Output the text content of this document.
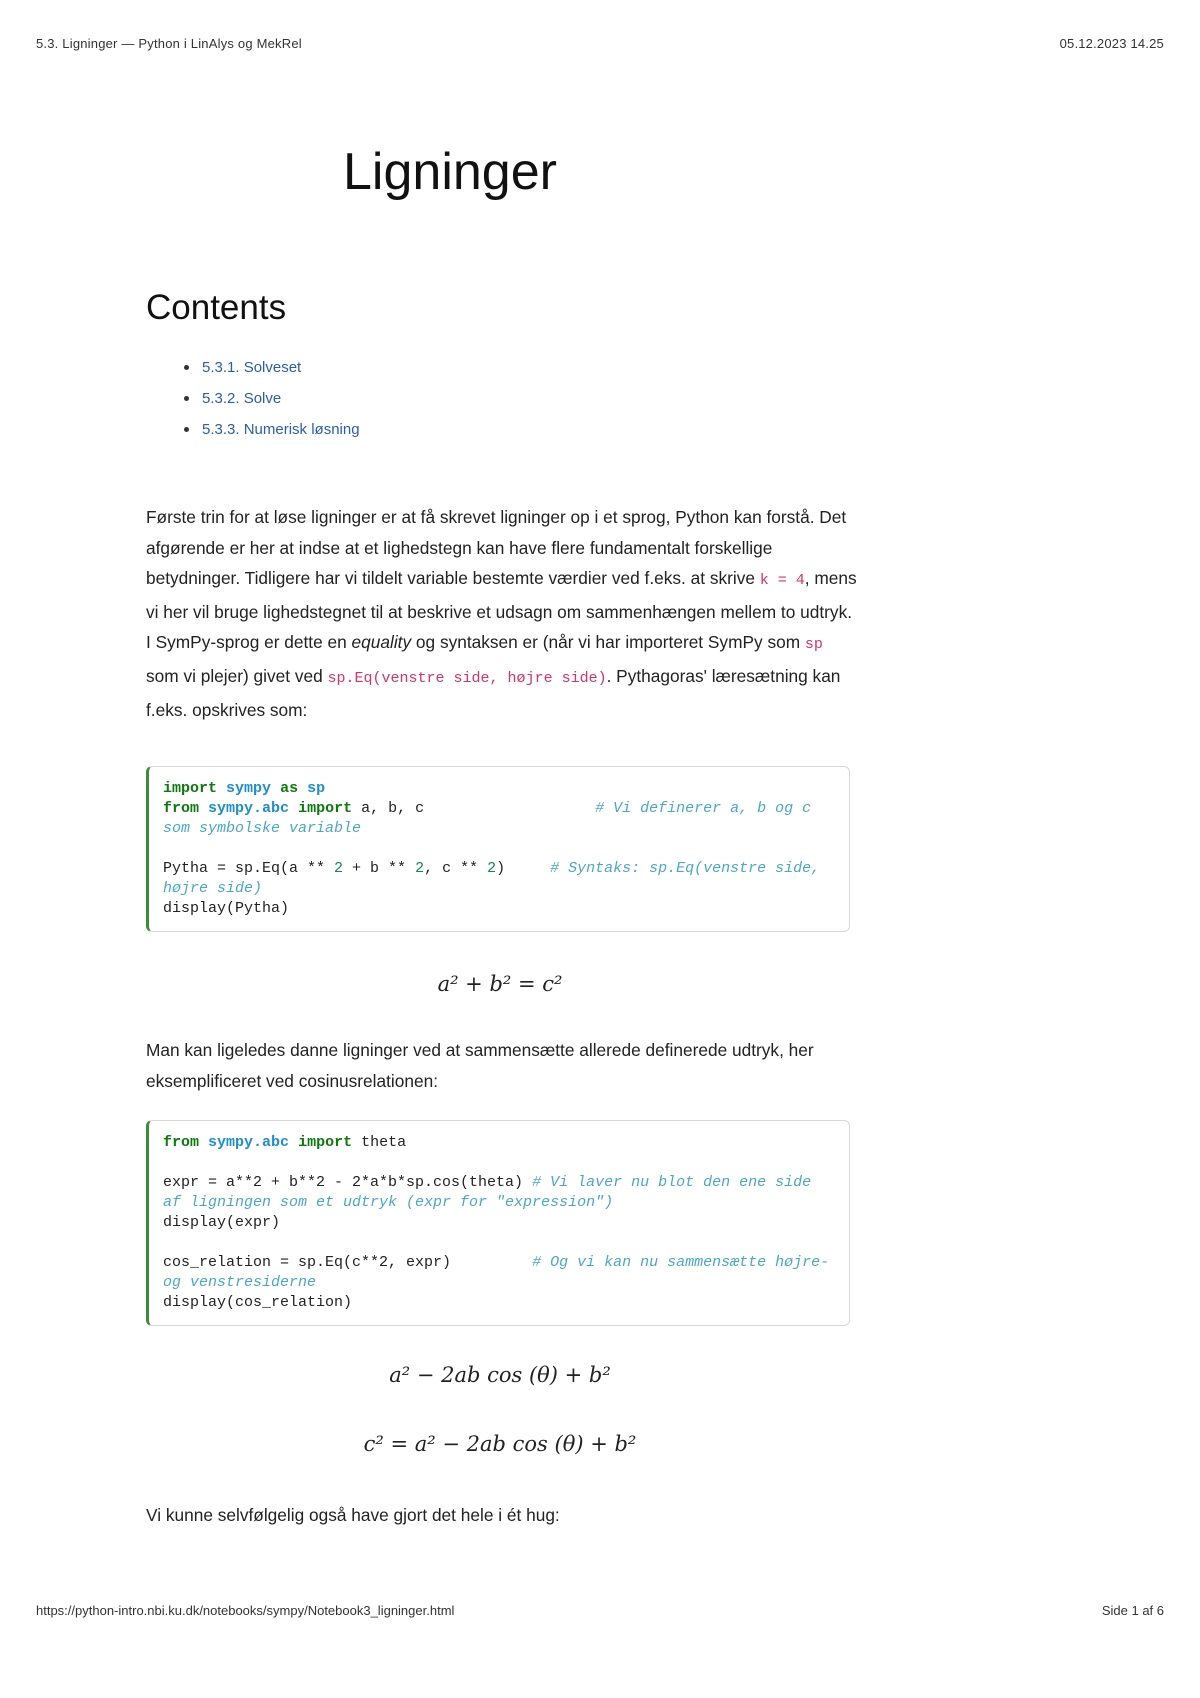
5.3. Ligninger — Python i LinAlys og MekRel	05.12.2023 14.25
Ligninger
Contents
5.3.1. Solveset
5.3.2. Solve
5.3.3. Numerisk løsning

Første trin for at løse ligninger er at få skrevet ligninger op i et sprog, Python kan forstå. Det afgørende er her at indse at et lighedstegn kan have flere fundamentalt forskellige betydninger. Tidligere har vi tildelt variable bestemte værdier ved f.eks. at skrive k = 4, mens vi her vil bruge lighedstegnet til at beskrive et udsagn om sammenhængen mellem to udtryk. I SymPy-sprog er dette en equality og syntaksen er (når vi har importeret SymPy som sp som vi plejer) givet ved sp.Eq(venstre side, højre side). Pythagoras' læresætning kan f.eks. opskrives som:

import sympy as sp
from sympy.abc import a, b, c                   # Vi definerer a, b og c som symbolske variable

Pytha = sp.Eq(a ** 2 + b ** 2, c ** 2)     # Syntaks: sp.Eq(venstre side, højre side)
display(Pytha)
a² + b² = c²

Man kan ligeledes danne ligninger ved at sammensætte allerede definerede udtryk, her eksemplificeret ved cosinusrelationen:

from sympy.abc import theta

expr = a**2 + b**2 - 2*a*b*sp.cos(theta) # Vi laver nu blot den ene side af ligningen som et udtryk (expr for "expression")
display(expr)

cos_relation = sp.Eq(c**2, expr)         # Og vi kan nu sammensætte højre- og venstresiderne
display(cos_relation)
a² − 2ab cos (θ) + b²
c² = a² − 2ab cos (θ) + b²

Vi kunne selvfølgelig også have gjort det hele i ét hug:

https://python-intro.nbi.ku.dk/notebooks/sympy/Notebook3_ligninger.html	Side 1 af 6
